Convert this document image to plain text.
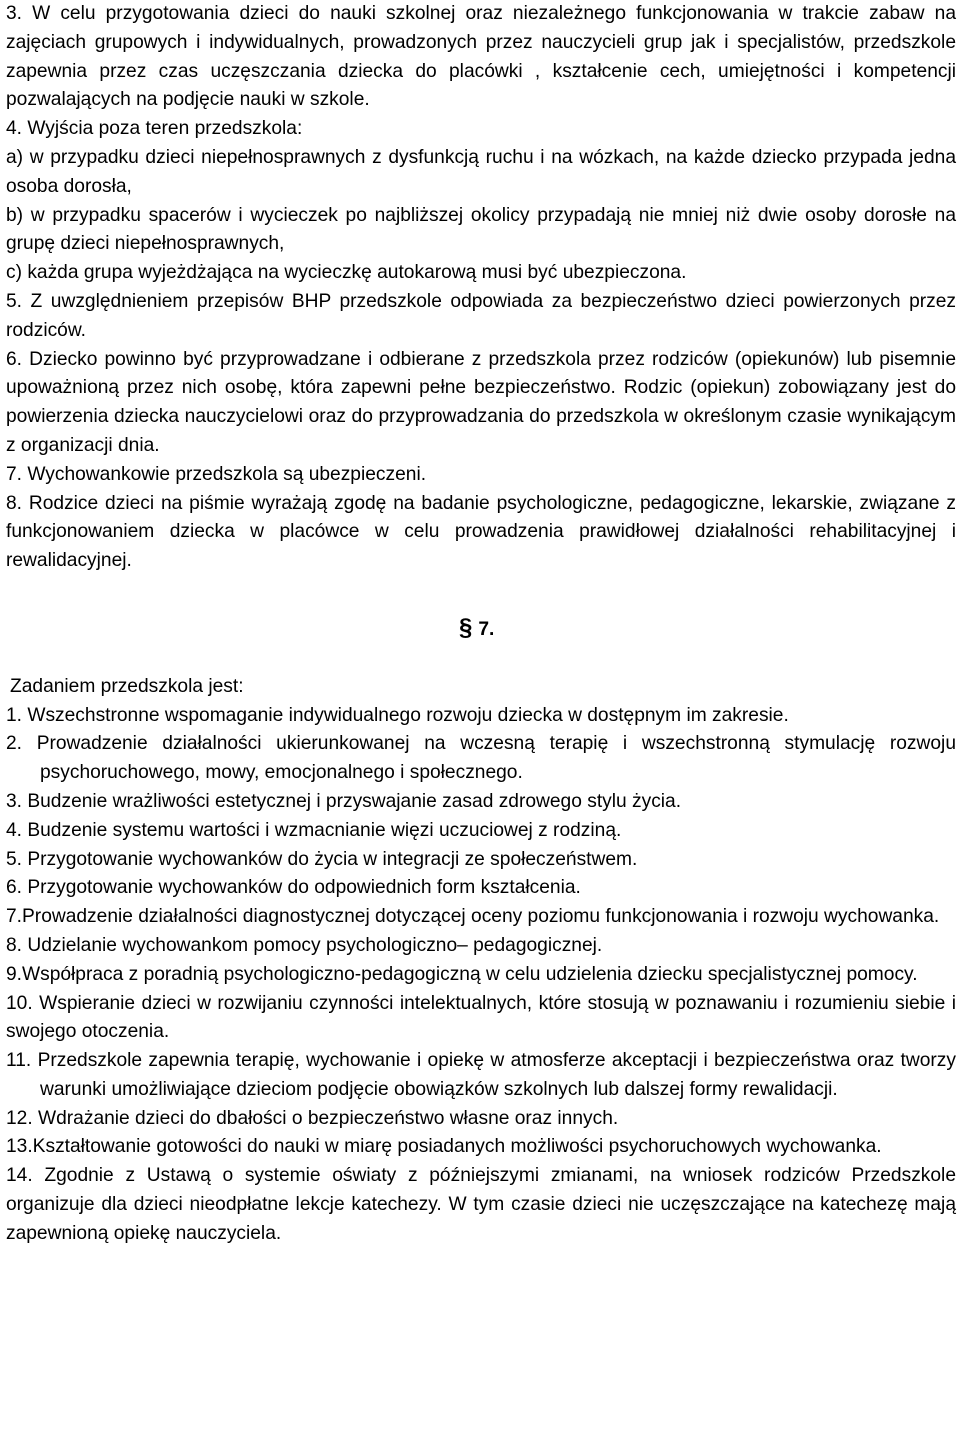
3. W celu przygotowania dzieci do nauki szkolnej oraz niezależnego funkcjonowania w trakcie zabaw na zajęciach grupowych i indywidualnych, prowadzonych przez nauczycieli grup jak i specjalistów, przedszkole zapewnia przez czas uczęszczania dziecka do placówki , kształcenie cech, umiejętności i kompetencji pozwalających na podjęcie nauki w szkole.

4. Wyjścia poza teren przedszkola:

a) w przypadku dzieci niepełnosprawnych z dysfunkcją ruchu i na wózkach, na każde dziecko przypada jedna osoba dorosła,

b) w przypadku spacerów i wycieczek po najbliższej okolicy przypadają nie mniej niż dwie osoby dorosłe na grupę dzieci niepełnosprawnych,

c) każda grupa wyjeżdżająca na wycieczkę autokarową musi być ubezpieczona.

5. Z uwzględnieniem przepisów BHP przedszkole odpowiada za bezpieczeństwo dzieci powierzonych przez rodziców.

6. Dziecko powinno być przyprowadzane i odbierane z przedszkola przez rodziców (opiekunów) lub pisemnie upoważnioną przez nich osobę, która zapewni pełne bezpieczeństwo. Rodzic (opiekun) zobowiązany jest do powierzenia dziecka nauczycielowi oraz do przyprowadzania do przedszkola w określonym czasie wynikającym z organizacji dnia.

7. Wychowankowie przedszkola są ubezpieczeni.

8. Rodzice dzieci na piśmie wyrażają zgodę na badanie psychologiczne, pedagogiczne, lekarskie, związane z funkcjonowaniem dziecka w placówce w celu prowadzenia prawidłowej działalności rehabilitacyjnej i rewalidacyjnej.

§ 7.

Zadaniem przedszkola jest:

1. Wszechstronne wspomaganie indywidualnego rozwoju dziecka w dostępnym im zakresie.

2. Prowadzenie działalności ukierunkowanej na wczesną terapię i wszechstronną stymulację rozwoju psychoruchowego, mowy, emocjonalnego i społecznego.

3. Budzenie wrażliwości estetycznej i przyswajanie zasad zdrowego stylu życia.

4. Budzenie systemu wartości i wzmacnianie więzi uczuciowej z rodziną.

5. Przygotowanie wychowanków do życia w integracji ze społeczeństwem.

6. Przygotowanie wychowanków do odpowiednich form kształcenia.

7.Prowadzenie działalności diagnostycznej dotyczącej oceny poziomu funkcjonowania i rozwoju wychowanka.

8. Udzielanie wychowankom pomocy psychologiczno– pedagogicznej.

9.Współpraca z poradnią psychologiczno-pedagogiczną w celu udzielenia dziecku specjalistycznej pomocy.

10. Wspieranie dzieci w rozwijaniu czynności intelektualnych, które stosują w poznawaniu i rozumieniu siebie i swojego otoczenia.

11. Przedszkole zapewnia terapię, wychowanie i opiekę w atmosferze akceptacji i bezpieczeństwa oraz tworzy warunki umożliwiające dzieciom podjęcie obowiązków szkolnych lub dalszej formy rewalidacji.

12. Wdrażanie dzieci do dbałości o bezpieczeństwo własne oraz innych.

13.Kształtowanie gotowości do nauki w miarę posiadanych możliwości psychoruchowych wychowanka.

14. Zgodnie z Ustawą o systemie oświaty z późniejszymi zmianami, na wniosek rodziców Przedszkole organizuje dla dzieci nieodpłatne lekcje katechezy. W tym czasie dzieci nie uczęszczające na katechezę mają zapewnioną opiekę nauczyciela.
